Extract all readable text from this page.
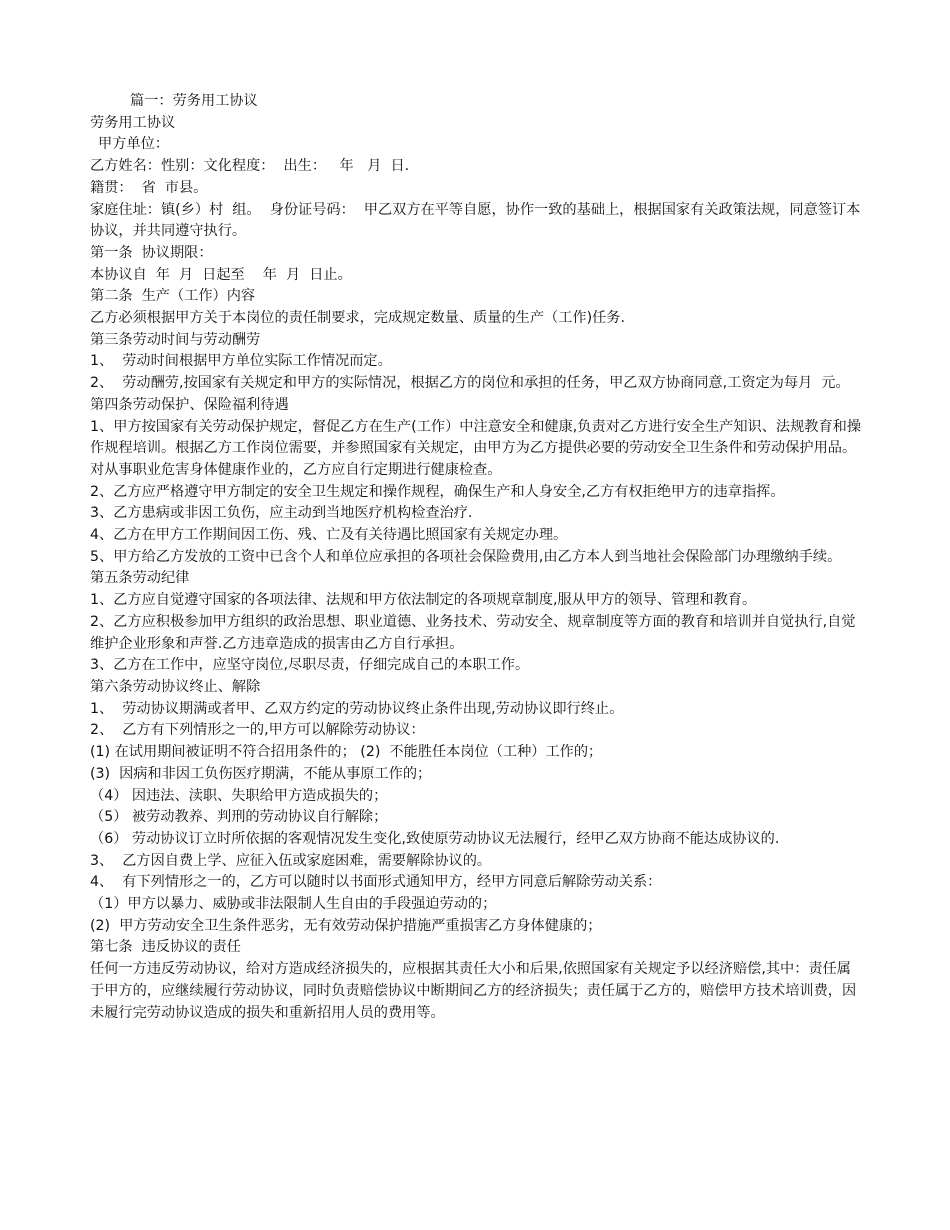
篇一：劳务用工协议

劳务用工协议

甲方单位：

乙方姓名：性别：文化程度：  出生：   年   月  日.

籍贯：  省  市县。

家庭住址：镇(乡）村  组。  身份证号码：  甲乙双方在平等自愿，协作一致的基础上，根据国家有关政策法规，同意签订本协议，并共同遵守执行。

第一条  协议期限：

本协议自  年  月  日起至    年  月  日止。

第二条  生产（工作）内容

乙方必须根据甲方关于本岗位的责任制要求，完成规定数量、质量的生产（工作)任务.

第三条劳动时间与劳动酬劳

1、  劳动时间根据甲方单位实际工作情况而定。

2、  劳动酬劳,按国家有关规定和甲方的实际情况，根据乙方的岗位和承担的任务，甲乙双方协商同意,工资定为每月  元。

第四条劳动保护、保险福利待遇

1、甲方按国家有关劳动保护规定，督促乙方在生产(工作）中注意安全和健康,负责对乙方进行安全生产知识、法规教育和操作规程培训。根据乙方工作岗位需要，并参照国家有关规定，由甲方为乙方提供必要的劳动安全卫生条件和劳动保护用品。对从事职业危害身体健康作业的，乙方应自行定期进行健康检查。

2、乙方应严格遵守甲方制定的安全卫生规定和操作规程，确保生产和人身安全,乙方有权拒绝甲方的违章指挥。

3、乙方患病或非因工负伤，应主动到当地医疗机构检查治疗.

4、乙方在甲方工作期间因工伤、残、亡及有关待遇比照国家有关规定办理。

5、甲方给乙方发放的工资中已含个人和单位应承担的各项社会保险费用,由乙方本人到当地社会保险部门办理缴纳手续。

第五条劳动纪律

1、乙方应自觉遵守国家的各项法律、法规和甲方依法制定的各项规章制度,服从甲方的领导、管理和教育。

2、乙方应积极参加甲方组织的政治思想、职业道德、业务技术、劳动安全、规章制度等方面的教育和培训并自觉执行,自觉维护企业形象和声誉.乙方违章造成的损害由乙方自行承担。

3、乙方在工作中，应坚守岗位,尽职尽责，仔细完成自己的本职工作。

第六条劳动协议终止、解除

1、  劳动协议期满或者甲、乙双方约定的劳动协议终止条件出现,劳动协议即行终止。

2、  乙方有下列情形之一的,甲方可以解除劳动协议：

(1) 在试用期间被证明不符合招用条件的； (2)  不能胜任本岗位（工种）工作的；

(3)  因病和非因工负伤医疗期满，不能从事原工作的；

（4） 因违法、渎职、失职给甲方造成损失的；

（5） 被劳动教养、判刑的劳动协议自行解除；

（6） 劳动协议订立时所依据的客观情况发生变化,致使原劳动协议无法履行，经甲乙双方协商不能达成协议的.

3、  乙方因自费上学、应征入伍或家庭困难，需要解除协议的。

4、  有下列情形之一的，乙方可以随时以书面形式通知甲方，经甲方同意后解除劳动关系：

（1）甲方以暴力、威胁或非法限制人生自由的手段强迫劳动的；

(2)  甲方劳动安全卫生条件恶劣，无有效劳动保护措施严重损害乙方身体健康的；

第七条  违反协议的责任

任何一方违反劳动协议，给对方造成经济损失的，应根据其责任大小和后果,依照国家有关规定予以经济赔偿,其中：责任属于甲方的，应继续履行劳动协议，同时负责赔偿协议中断期间乙方的经济损失；责任属于乙方的，赔偿甲方技术培训费，因未履行完劳动协议造成的损失和重新招用人员的费用等。
